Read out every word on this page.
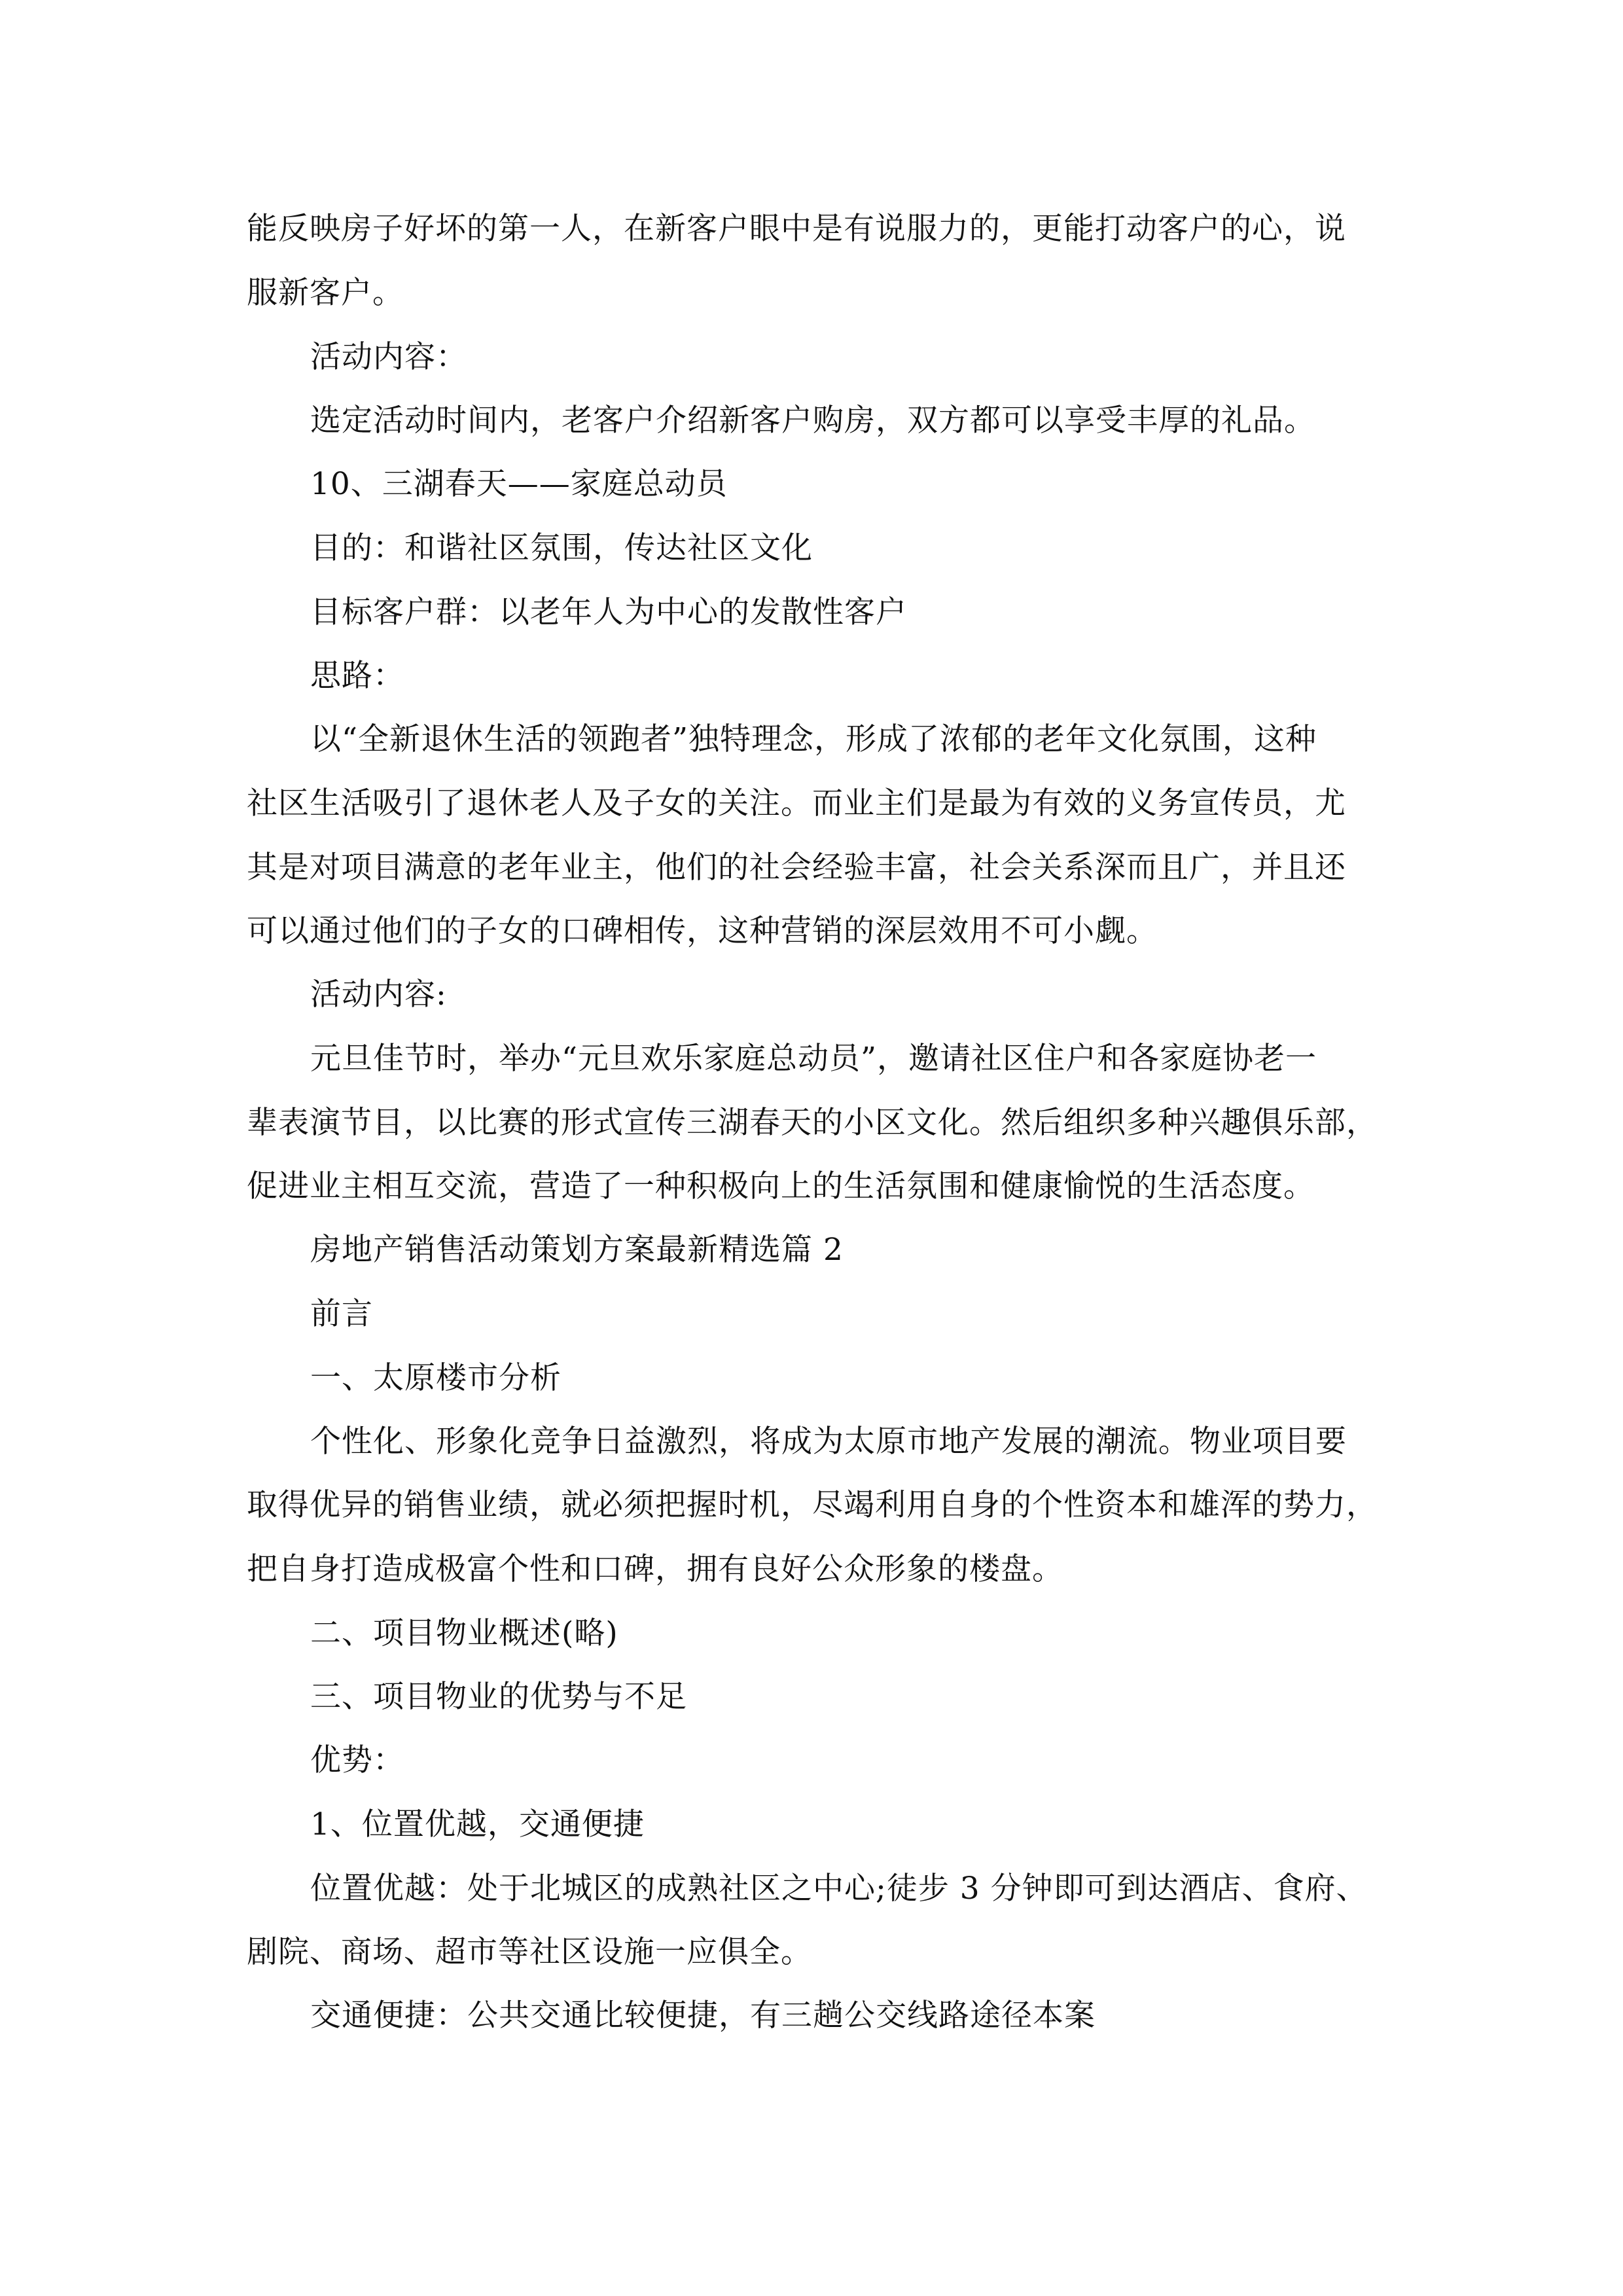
能反映房子好坏的第一人，在新客户眼中是有说服力的，更能打动客户的心，说
服新客户。
活动内容：
选定活动时间内，老客户介绍新客户购房，双方都可以享受丰厚的礼品。
10、三湖春天——家庭总动员
目的：和谐社区氛围，传达社区文化
目标客户群：以老年人为中心的发散性客户
思路：
以“全新退休生活的领跑者”独特理念，形成了浓郁的老年文化氛围，这种
社区生活吸引了退休老人及子女的关注。而业主们是最为有效的义务宣传员，尤
其是对项目满意的老年业主，他们的社会经验丰富，社会关系深而且广，并且还
可以通过他们的子女的口碑相传，这种营销的深层效用不可小觑。
活动内容:
元旦佳节时，举办“元旦欢乐家庭总动员”，邀请社区住户和各家庭协老一
辈表演节目，以比赛的形式宣传三湖春天的小区文化。然后组织多种兴趣俱乐部，
促进业主相互交流，营造了一种积极向上的生活氛围和健康愉悦的生活态度。
房地产销售活动策划方案最新精选篇 2
前言
一、太原楼市分析
个性化、形象化竞争日益激烈，将成为太原市地产发展的潮流。物业项目要
取得优异的销售业绩，就必须把握时机，尽竭利用自身的个性资本和雄浑的势力，
把自身打造成极富个性和口碑，拥有良好公众形象的楼盘。
二、项目物业概述(略)
三、项目物业的优势与不足
优势：
1、位置优越，交通便捷
位置优越：处于北城区的成熟社区之中心;徒步 3 分钟即可到达酒店、食府、
剧院、商场、超市等社区设施一应俱全。
交通便捷：公共交通比较便捷，有三趟公交线路途径本案
